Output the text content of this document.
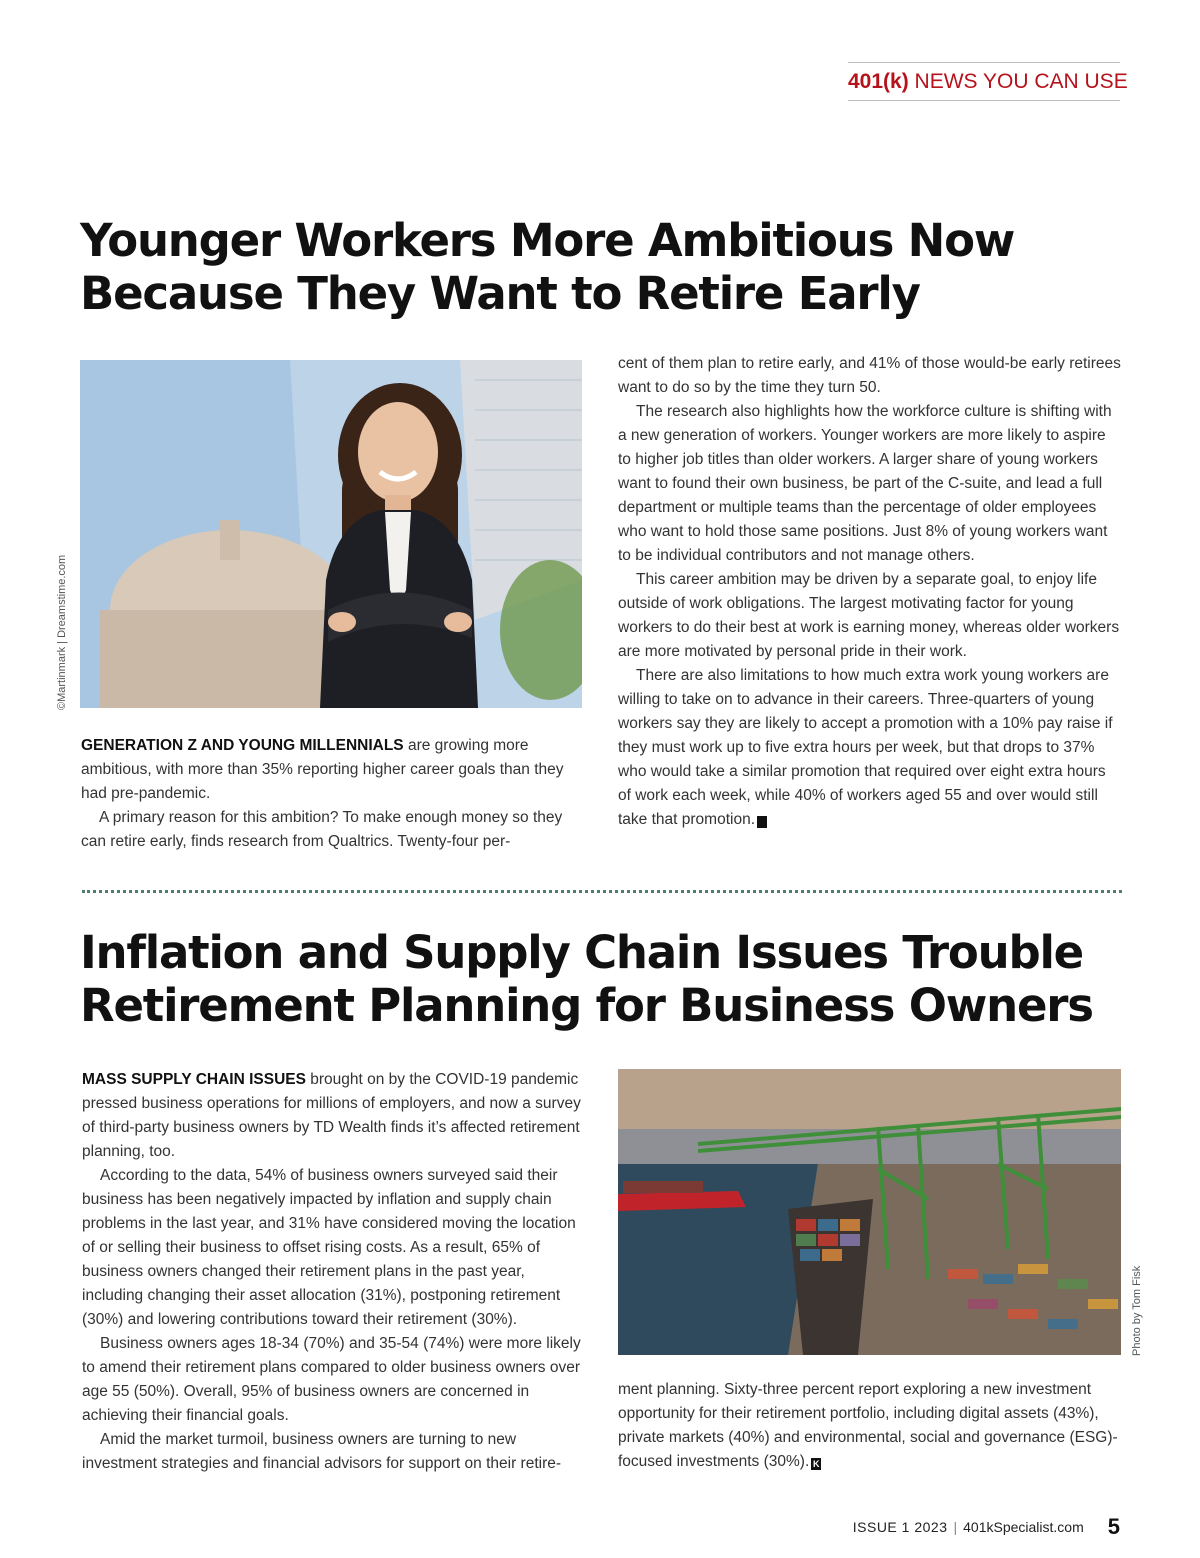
401(k) NEWS YOU CAN USE
Younger Workers More Ambitious Now Because They Want to Retire Early
©Martinmark | Dreamstime.com

GENERATION Z AND YOUNG MILLENNIALS are growing more ambitious, with more than 35% reporting higher career goals than they had pre-pandemic.

A primary reason for this ambition? To make enough money so they can retire early, finds research from Qualtrics. Twenty-four per-

cent of them plan to retire early, and 41% of those would-be early retirees want to do so by the time they turn 50.

The research also highlights how the workforce culture is shifting with a new generation of workers. Younger workers are more likely to aspire to higher job titles than older workers. A larger share of young workers want to found their own business, be part of the C-suite, and lead a full department or multiple teams than the percentage of older employees who want to hold those same positions. Just 8% of young workers want to be individual contributors and not manage others.

This career ambition may be driven by a separate goal, to enjoy life outside of work obligations. The largest motivating factor for young workers to do their best at work is earning money, whereas older workers are more motivated by personal pride in their work.

There are also limitations to how much extra work young workers are willing to take on to advance in their careers. Three-quarters of young workers say they are likely to accept a promotion with a 10% pay raise if they must work up to five extra hours per week, but that drops to 37% who would take a similar promotion that required over eight extra hours of work each week, while 40% of workers aged 55 and over would still take that promotion. K

Inflation and Supply Chain Issues Trouble Retirement Planning for Business Owners

MASS SUPPLY CHAIN ISSUES brought on by the COVID-19 pandemic pressed business operations for millions of employers, and now a survey of third-party business owners by TD Wealth finds it’s affected retirement planning, too.

According to the data, 54% of business owners surveyed said their business has been negatively impacted by inflation and supply chain problems in the last year, and 31% have considered moving the location of or selling their business to offset rising costs. As a result, 65% of business owners changed their retirement plans in the past year, including changing their asset allocation (31%), postponing retirement (30%) and lowering contributions toward their retirement (30%).

Business owners ages 18-34 (70%) and 35-54 (74%) were more likely to amend their retirement plans compared to older business owners over age 55 (50%). Overall, 95% of business owners are concerned in achieving their financial goals.

Amid the market turmoil, business owners are turning to new investment strategies and financial advisors for support on their retire-

Photo by Tom Fisk

ment planning. Sixty-three percent report exploring a new investment opportunity for their retirement portfolio, including digital assets (43%), private markets (40%) and environmental, social and governance (ESG)-focused investments (30%). K

ISSUE 1 2023 | 401kSpecialist.com 5
